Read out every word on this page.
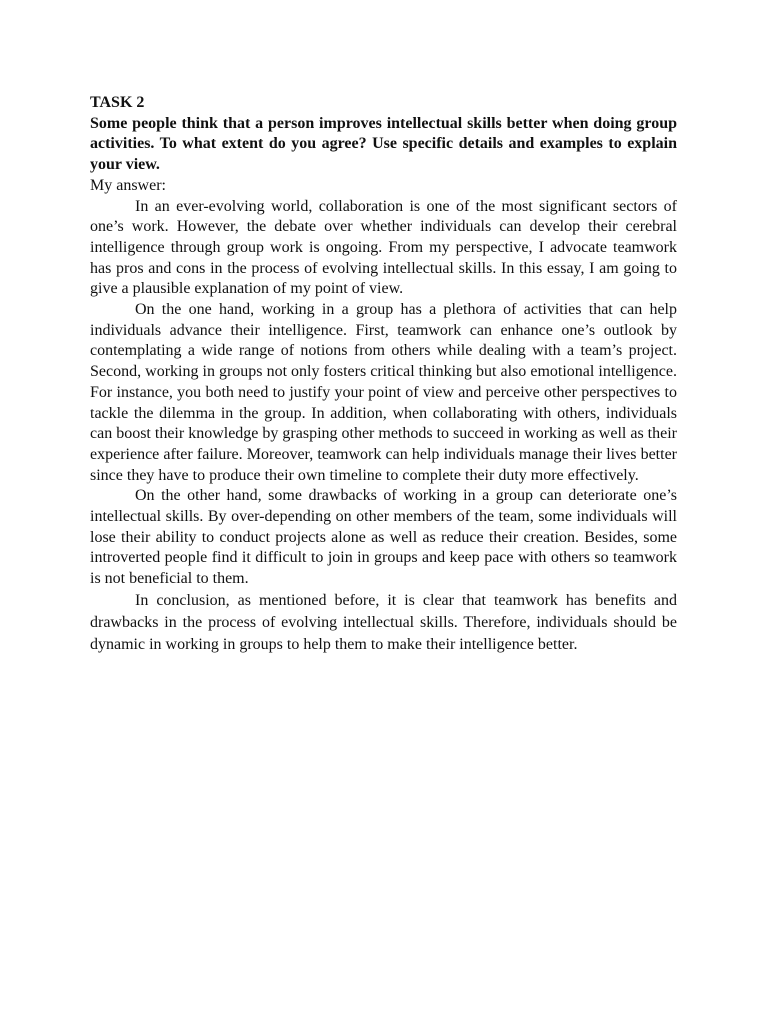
TASK 2

Some people think that a person improves intellectual skills better when doing group activities. To what extent do you agree? Use specific details and examples to explain your view.

My answer:

In an ever-evolving world, collaboration is one of the most significant sectors of one’s work. However, the debate over whether individuals can develop their cerebral intelligence through group work is ongoing. From my perspective, I advocate teamwork has pros and cons in the process of evolving intellectual skills. In this essay, I am going to give a plausible explanation of my point of view.

On the one hand, working in a group has a plethora of activities that can help individuals advance their intelligence. First, teamwork can enhance one’s outlook by contemplating a wide range of notions from others while dealing with a team’s project. Second, working in groups not only fosters critical thinking but also emotional intelligence. For instance, you both need to justify your point of view and perceive other perspectives to tackle the dilemma in the group. In addition, when collaborating with others, individuals can boost their knowledge by grasping other methods to succeed in working as well as their experience after failure. Moreover, teamwork can help individuals manage their lives better since they have to produce their own timeline to complete their duty more effectively.

On the other hand, some drawbacks of working in a group can deteriorate one’s intellectual skills. By over-depending on other members of the team, some individuals will lose their ability to conduct projects alone as well as reduce their creation. Besides, some introverted people find it difficult to join in groups and keep pace with others so teamwork is not beneficial to them.

In conclusion, as mentioned before, it is clear that teamwork has benefits and drawbacks in the process of evolving intellectual skills. Therefore, individuals should be dynamic in working in groups to help them to make their intelligence better.
